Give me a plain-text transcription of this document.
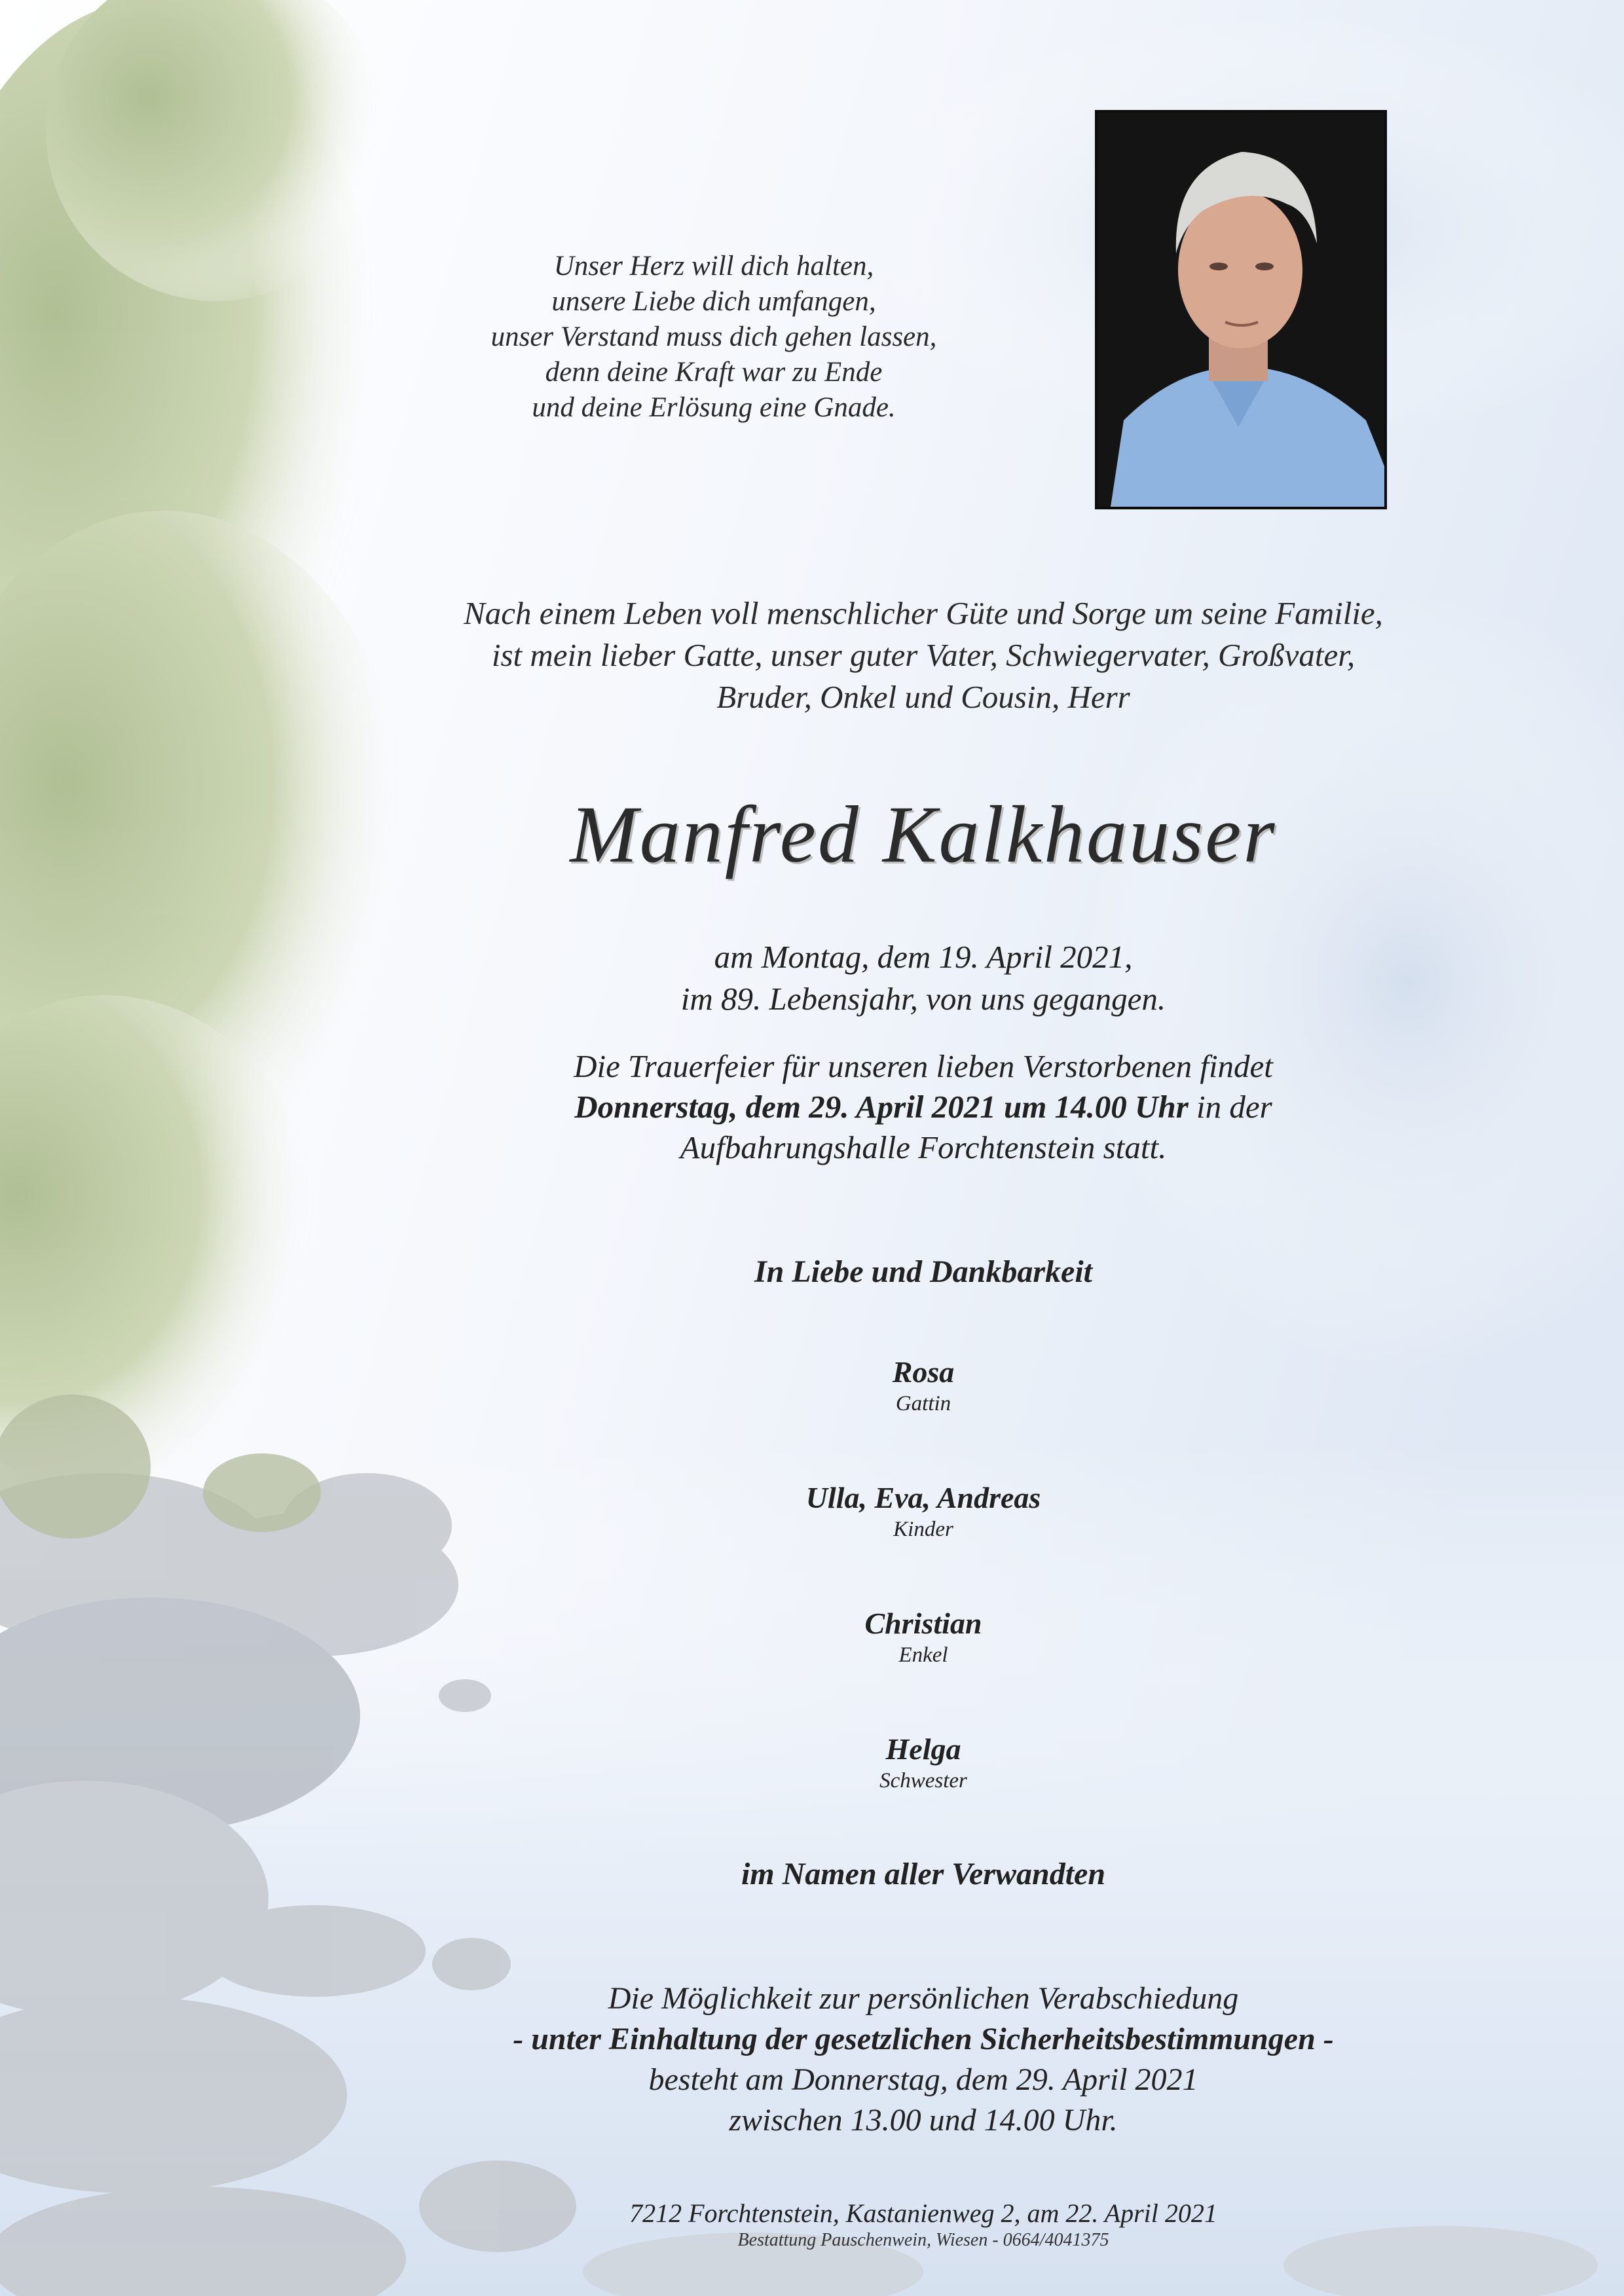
Unser Herz will dich halten,
unsere Liebe dich umfangen,
unser Verstand muss dich gehen lassen,
denn deine Kraft war zu Ende
und deine Erlösung eine Gnade.
Nach einem Leben voll menschlicher Güte und Sorge um seine Familie,
ist mein lieber Gatte, unser guter Vater, Schwiegervater, Großvater,
Bruder, Onkel und Cousin, Herr
Manfred Kalkhauser
am Montag, dem 19. April 2021,
im 89. Lebensjahr, von uns gegangen.
Die Trauerfeier für unseren lieben Verstorbenen findet
Donnerstag, dem 29. April 2021 um 14.00 Uhr in der
Aufbahrungshalle Forchtenstein statt.
In Liebe und Dankbarkeit
Rosa
Gattin
Ulla, Eva, Andreas
Kinder
Christian
Enkel
Helga
Schwester
im Namen aller Verwandten
Die Möglichkeit zur persönlichen Verabschiedung
- unter Einhaltung der gesetzlichen Sicherheitsbestimmungen -
besteht am Donnerstag, dem 29. April 2021
zwischen 13.00 und 14.00 Uhr.
7212 Forchtenstein, Kastanienweg 2, am 22. April 2021
Bestattung Pauschenwein, Wiesen - 0664/4041375
